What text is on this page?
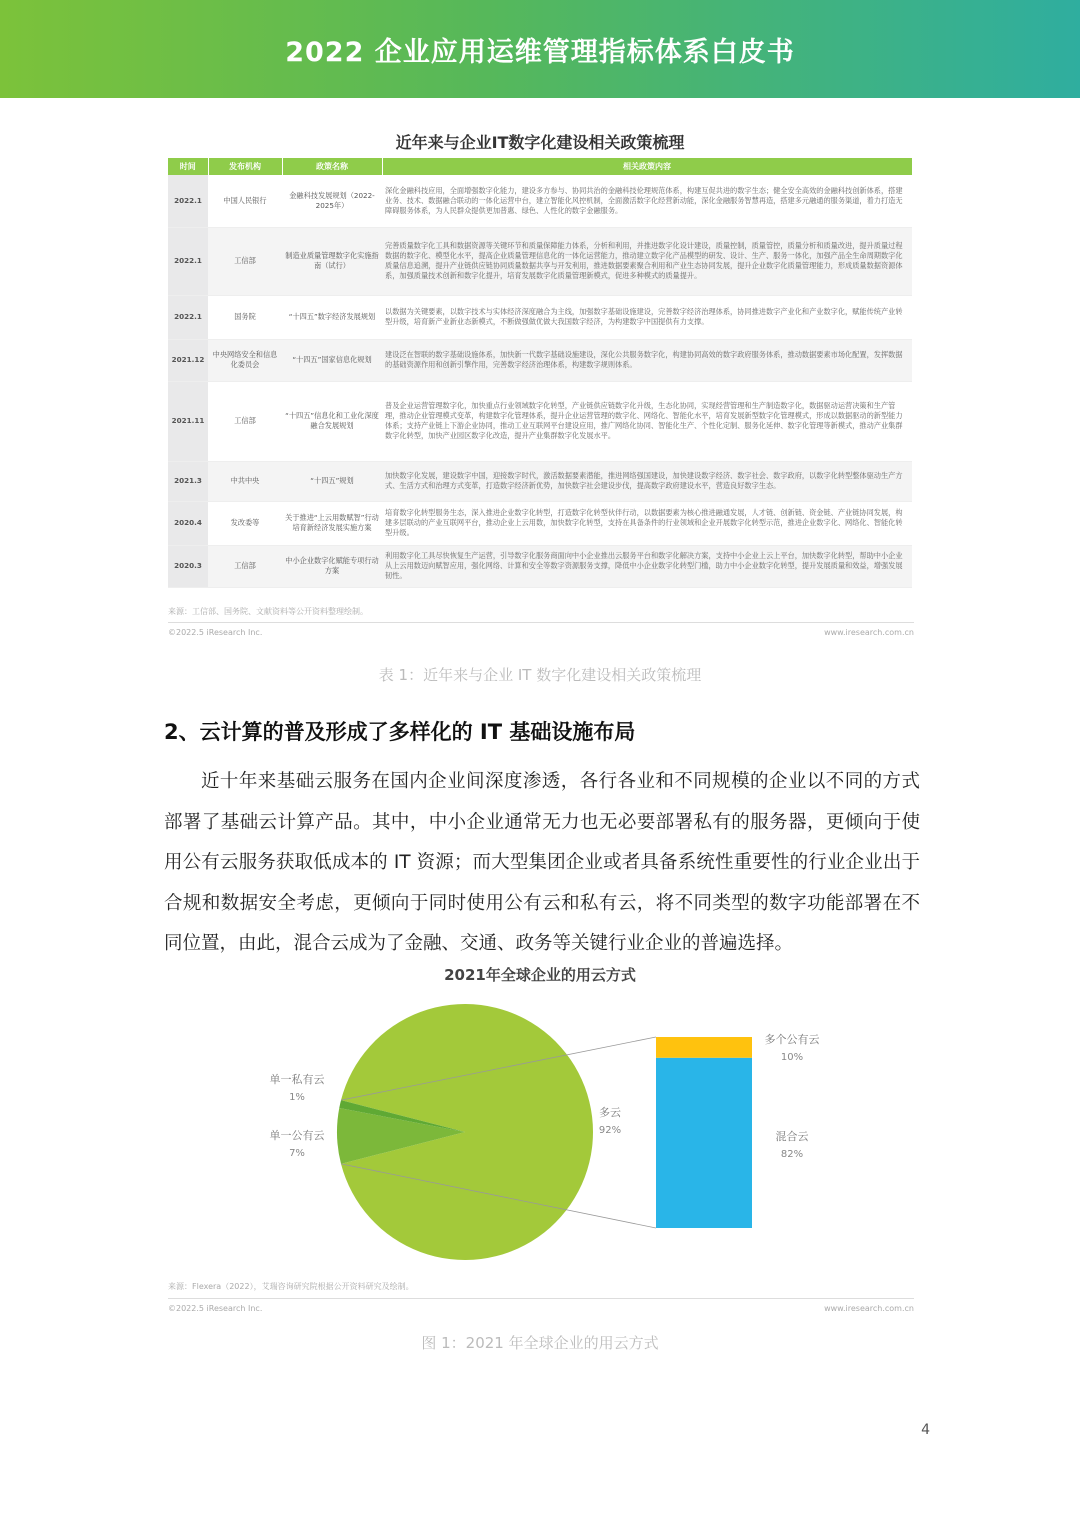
2022 企业应用运维管理指标体系白皮书
近年来与企业IT数字化建设相关政策梳理
时间	发布机构	政策名称	相关政策内容
2022.1	中国人民银行	金融科技发展规划（2022-2025年）	深化金融科技应用，全面增强数字化能力，建设多方参与、协同共治的金融科技伦理规范体系，构建互促共进的数字生态；健全安全高效的金融科技创新体系，搭建业务、技术、数据融合联动的一体化运营中台，建立智能化风控机制，全面激活数字化经营新动能，深化金融服务智慧再造，搭建多元融通的服务渠道，着力打造无障碍服务体系，为人民群众提供更加普惠、绿色、人性化的数字金融服务。
2022.1	工信部	制造业质量管理数字化实施指南（试行）	完善质量数字化工具和数据资源等关键环节和质量保障能力体系，分析和利用，并推进数字化设计建设，质量控制，质量管控，质量分析和质量改进，提升质量过程数据的数字化、模型化水平，提高企业质量管理信息化的一体化运营能力，推动建立数字化产品模型的研发、设计、生产、服务一体化，加强产品全生命周期数字化质量信息追溯，提升产业链供应链协同质量数据共享与开发利用，推进数据要素聚合利用和产业生态协同发展，提升企业数字化质量管理能力，形成质量数据资源体系，加强质量技术创新和数字化提升，培育发展数字化质量管理新模式，促进多种模式的质量提升。
2022.1	国务院	“十四五”数字经济发展规划	以数据为关键要素，以数字技术与实体经济深度融合为主线，加强数字基础设施建设，完善数字经济治理体系，协同推进数字产业化和产业数字化，赋能传统产业转型升级，培育新产业新业态新模式，不断做强做优做大我国数字经济，为构建数字中国提供有力支撑。
2021.12	中央网络安全和信息化委员会	“十四五”国家信息化规划	建设泛在智联的数字基础设施体系，加快新一代数字基础设施建设，深化公共服务数字化，构建协同高效的数字政府服务体系，推动数据要素市场化配置，发挥数据的基础资源作用和创新引擎作用，完善数字经济治理体系，构建数字规则体系。
2021.11	工信部	“十四五”信息化和工业化深度融合发展规划	普及企业运营管理数字化，加快重点行业领域数字化转型，产业链供应链数字化升级，生态化协同，实现经营管理和生产制造数字化，数据驱动运营决策和生产管理，推动企业管理模式变革，构建数字化管理体系，提升企业运营管理的数字化、网络化、智能化水平，培育发展新型数字化管理模式，形成以数据驱动的新型能力体系；支持产业链上下游企业协同，推动工业互联网平台建设应用，推广网络化协同、智能化生产、个性化定制、服务化延伸、数字化管理等新模式，推动产业集群数字化转型，加快产业园区数字化改造，提升产业集群数字化发展水平。
2021.3	中共中央	“十四五”规划	加快数字化发展，建设数字中国，迎接数字时代，激活数据要素潜能，推进网络强国建设，加快建设数字经济、数字社会、数字政府，以数字化转型整体驱动生产方式、生活方式和治理方式变革，打造数字经济新优势，加快数字社会建设步伐，提高数字政府建设水平，营造良好数字生态。
2020.4	发改委等	关于推进“上云用数赋智”行动培育新经济发展实施方案	培育数字化转型服务生态，深入推进企业数字化转型，打造数字化转型伙伴行动，以数据要素为核心推进融通发展，人才链、创新链、资金链、产业链协同发展，构建多层联动的产业互联网平台，推动企业上云用数，加快数字化转型，支持在具备条件的行业领域和企业开展数字化转型示范，推进企业数字化、网络化、智能化转型升级。
2020.3	工信部	中小企业数字化赋能专项行动方案	利用数字化工具尽快恢复生产运营，引导数字化服务商面向中小企业推出云服务平台和数字化解决方案，支持中小企业上云上平台，加快数字化转型，帮助中小企业从上云用数迈向赋智应用，强化网络、计算和安全等数字资源服务支撑，降低中小企业数字化转型门槛，助力中小企业数字化转型，提升发展质量和效益，增强发展韧性。
来源：工信部、国务院、文献资料等公开资料整理绘制。
©2022.5 iResearch Inc.	www.iresearch.com.cn
表 1：近年来与企业 IT 数字化建设相关政策梳理
2、云计算的普及形成了多样化的 IT 基础设施布局
近十年来基础云服务在国内企业间深度渗透，各行各业和不同规模的企业以不同的方式部署了基础云计算产品。其中，中小企业通常无力也无必要部署私有的服务器，更倾向于使用公有云服务获取低成本的 IT 资源；而大型集团企业或者具备系统性重要性的行业企业出于合规和数据安全考虑，更倾向于同时使用公有云和私有云，将不同类型的数字功能部署在不同位置，由此，混合云成为了金融、交通、政务等关键行业企业的普遍选择。
2021年全球企业的用云方式
多云
92%
单一公有云
7%
单一私有云
1%
混合云
82%
多个公有云
10%
来源：Flexera（2022），艾瑞咨询研究院根据公开资料研究及绘制。
©2022.5 iResearch Inc.	www.iresearch.com.cn
图 1：2021 年全球企业的用云方式
4
